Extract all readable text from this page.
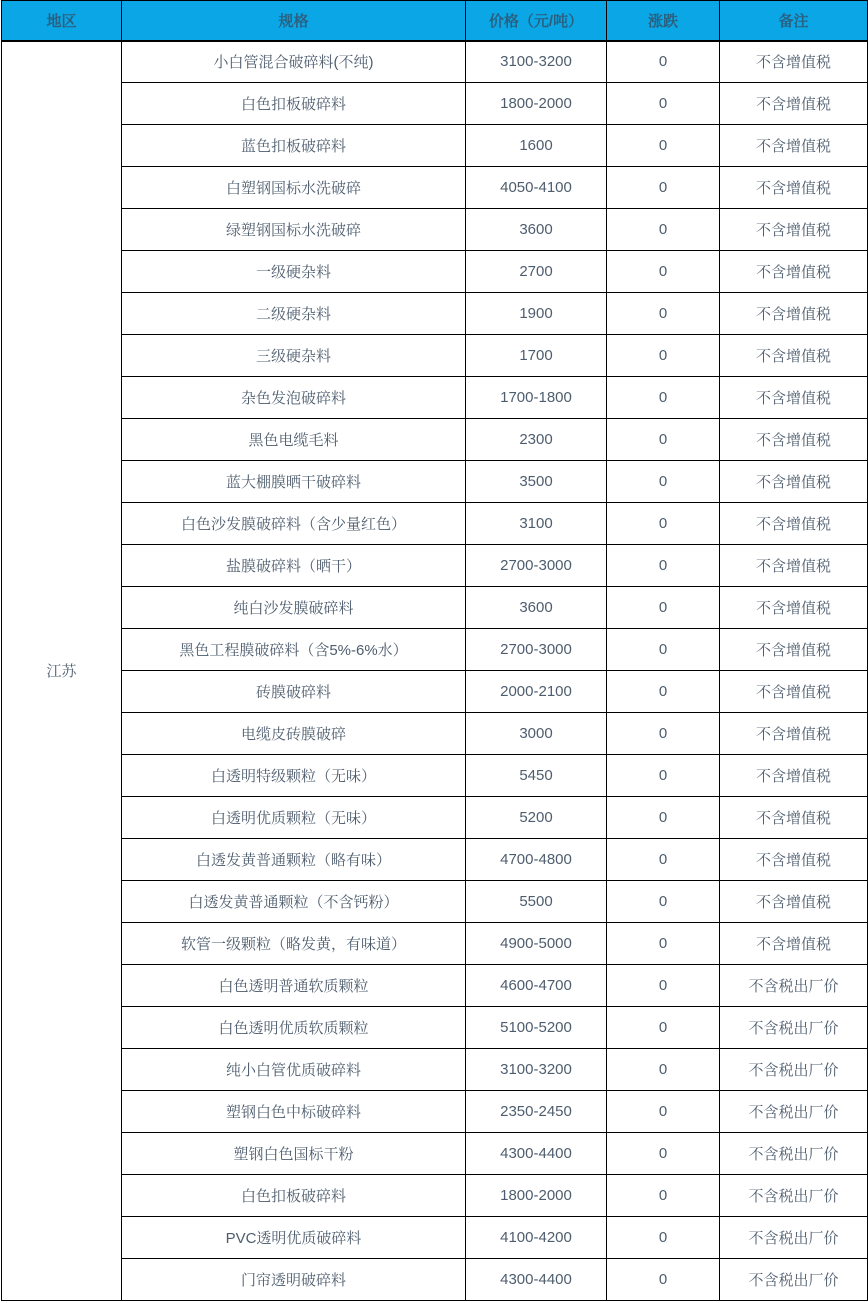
地区	规格	价格（元/吨）	涨跌	备注
江苏	小白管混合破碎料(不纯)	3100-3200	0	不含增值税
	白色扣板破碎料	1800-2000	0	不含增值税
	蓝色扣板破碎料	1600	0	不含增值税
	白塑钢国标水洗破碎	4050-4100	0	不含增值税
	绿塑钢国标水洗破碎	3600	0	不含增值税
	一级硬杂料	2700	0	不含增值税
	二级硬杂料	1900	0	不含增值税
	三级硬杂料	1700	0	不含增值税
	杂色发泡破碎料	1700-1800	0	不含增值税
	黑色电缆毛料	2300	0	不含增值税
	蓝大棚膜晒干破碎料	3500	0	不含增值税
	白色沙发膜破碎料（含少量红色）	3100	0	不含增值税
	盐膜破碎料（晒干）	2700-3000	0	不含增值税
	纯白沙发膜破碎料	3600	0	不含增值税
	黑色工程膜破碎料（含5%-6%水）	2700-3000	0	不含增值税
	砖膜破碎料	2000-2100	0	不含增值税
	电缆皮砖膜破碎	3000	0	不含增值税
	白透明特级颗粒（无味）	5450	0	不含增值税
	白透明优质颗粒（无味）	5200	0	不含增值税
	白透发黄普通颗粒（略有味）	4700-4800	0	不含增值税
	白透发黄普通颗粒（不含钙粉）	5500	0	不含增值税
	软管一级颗粒（略发黄，有味道）	4900-5000	0	不含增值税
	白色透明普通软质颗粒	4600-4700	0	不含税出厂价
	白色透明优质软质颗粒	5100-5200	0	不含税出厂价
	纯小白管优质破碎料	3100-3200	0	不含税出厂价
	塑钢白色中标破碎料	2350-2450	0	不含税出厂价
	塑钢白色国标干粉	4300-4400	0	不含税出厂价
	白色扣板破碎料	1800-2000	0	不含税出厂价
	PVC透明优质破碎料	4100-4200	0	不含税出厂价
	门帘透明破碎料	4300-4400	0	不含税出厂价
